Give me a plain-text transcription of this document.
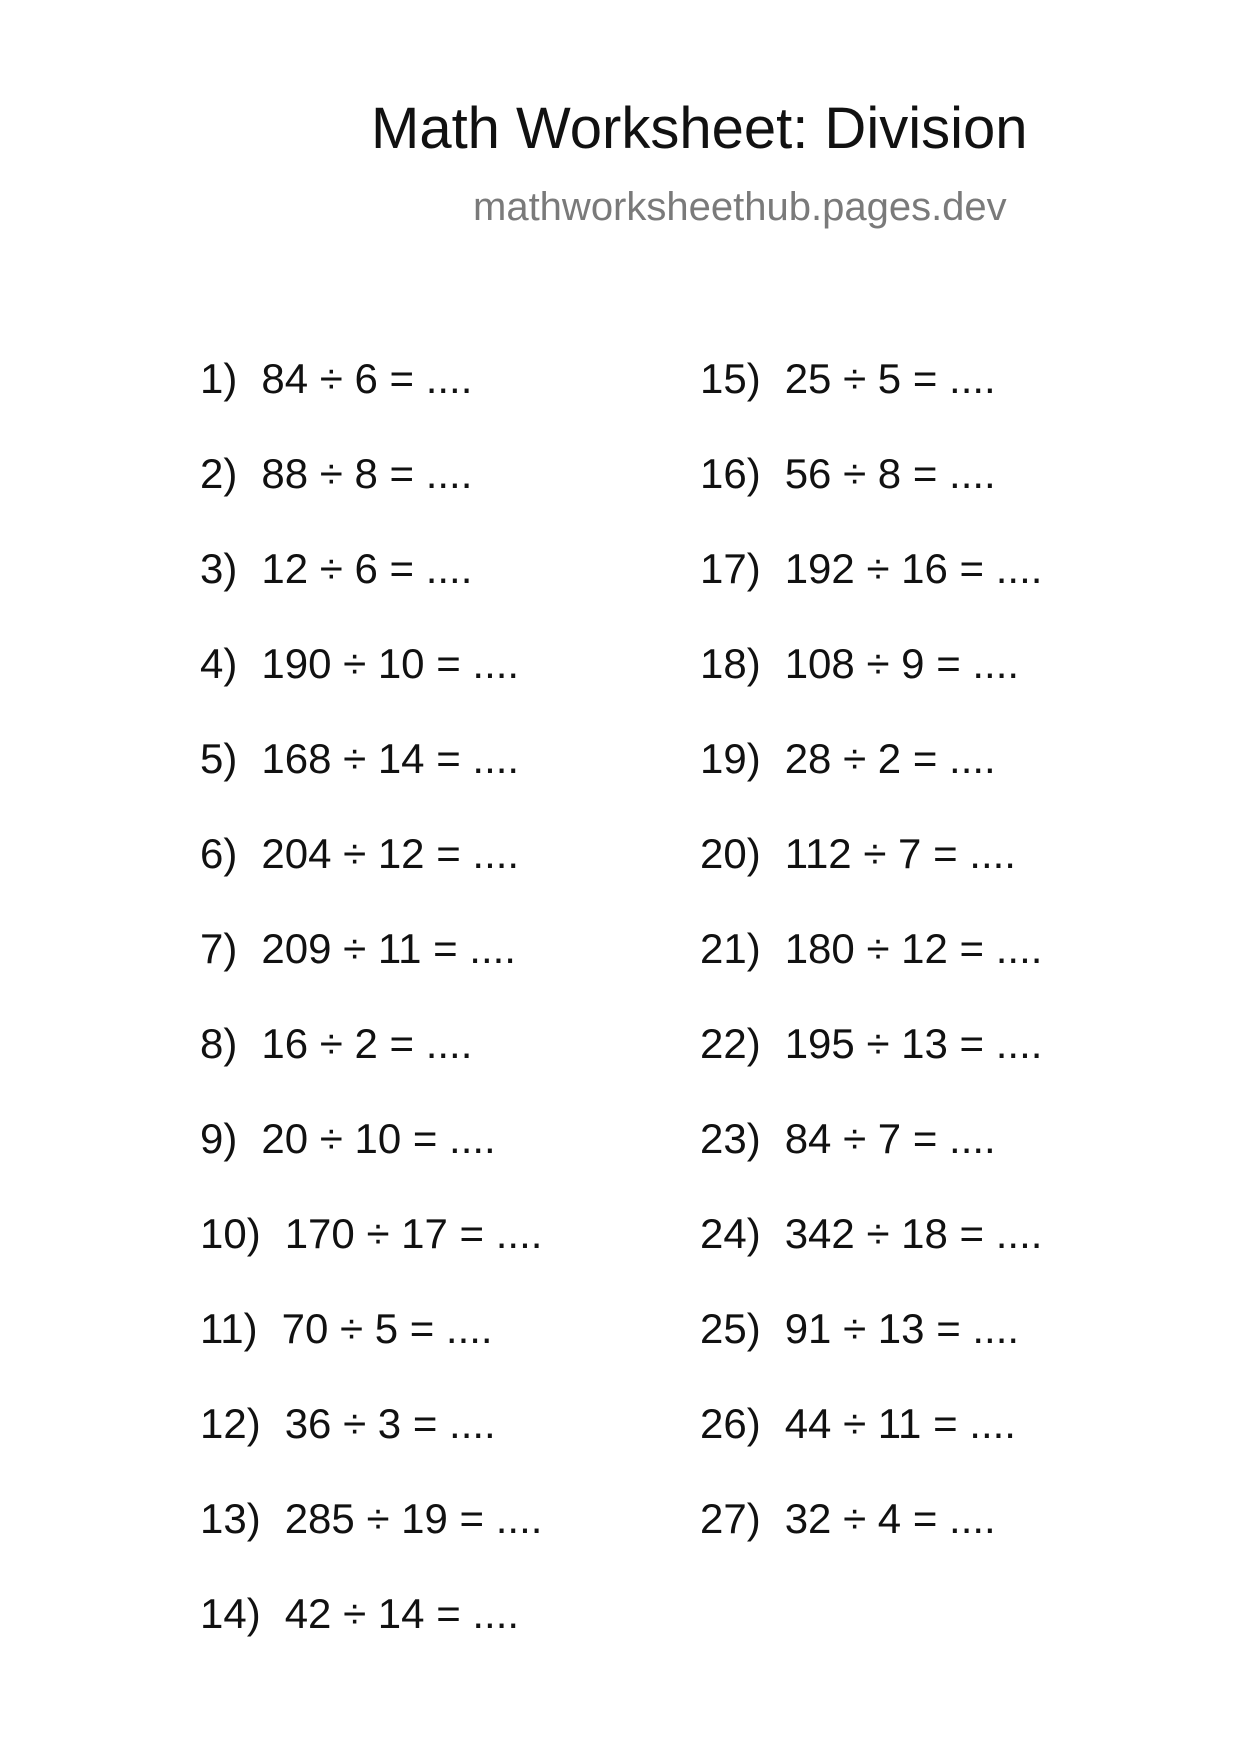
Math Worksheet: Division
mathworksheethub.pages.dev
1) 84 ÷ 6 = ....
2) 88 ÷ 8 = ....
3) 12 ÷ 6 = ....
4) 190 ÷ 10 = ....
5) 168 ÷ 14 = ....
6) 204 ÷ 12 = ....
7) 209 ÷ 11 = ....
8) 16 ÷ 2 = ....
9) 20 ÷ 10 = ....
10) 170 ÷ 17 = ....
11) 70 ÷ 5 = ....
12) 36 ÷ 3 = ....
13) 285 ÷ 19 = ....
14) 42 ÷ 14 = ....
15) 25 ÷ 5 = ....
16) 56 ÷ 8 = ....
17) 192 ÷ 16 = ....
18) 108 ÷ 9 = ....
19) 28 ÷ 2 = ....
20) 112 ÷ 7 = ....
21) 180 ÷ 12 = ....
22) 195 ÷ 13 = ....
23) 84 ÷ 7 = ....
24) 342 ÷ 18 = ....
25) 91 ÷ 13 = ....
26) 44 ÷ 11 = ....
27) 32 ÷ 4 = ....
